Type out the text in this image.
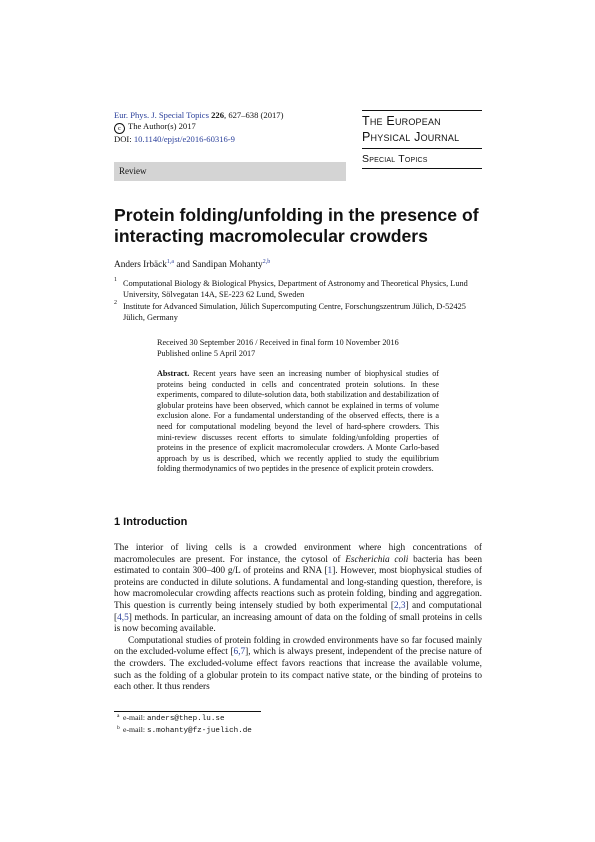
Eur. Phys. J. Special Topics 226, 627–638 (2017)
c The Author(s) 2017
DOI: 10.1140/epjst/e2016-60316-9
The European
Physical Journal
Special Topics
Review
Protein folding/unfolding in the presence of interacting macromolecular crowders
Anders Irbäck$^{1,a}$ and Sandipan Mohanty$^{2,b}$
1 Computational Biology & Biological Physics, Department of Astronomy and Theoretical Physics, Lund University, Sölvegatan 14A, SE-223 62 Lund, Sweden
2 Institute for Advanced Simulation, Jülich Supercomputing Centre, Forschungszentrum Jülich, D-52425 Jülich, Germany
Received 30 September 2016 / Received in final form 10 November 2016
Published online 5 April 2017
Abstract. Recent years have seen an increasing number of biophysical studies of proteins being conducted in cells and concentrated protein solutions. In these experiments, compared to dilute-solution data, both stabilization and destabilization of globular proteins have been observed, which cannot be explained in terms of volume exclusion alone. For a fundamental understanding of the observed effects, there is a need for computational modeling beyond the level of hard-sphere crowders. This mini-review discusses recent efforts to simulate folding/unfolding properties of proteins in the presence of explicit macromolecular crowders. A Monte Carlo-based approach by us is described, which we recently applied to study the equilibrium folding thermodynamics of two peptides in the presence of explicit protein crowders.
1 Introduction

The interior of living cells is a crowded environment where high concentrations of macromolecules are present. For instance, the cytosol of Escherichia coli bacteria has been estimated to contain 300–400 g/L of proteins and RNA [1]. However, most biophysical studies of proteins are conducted in dilute solutions. A fundamental and long-standing question, therefore, is how macromolecular crowding affects reactions such as protein folding, binding and aggregation. This question is currently being intensely studied by both experimental [2,3] and computational [4,5] methods. In particular, an increasing amount of data on the folding of small proteins in cells is now becoming available.

Computational studies of protein folding in crowded environments have so far focused mainly on the excluded-volume effect [6,7], which is always present, independent of the precise nature of the crowders. The excluded-volume effect favors reactions that increase the available volume, such as the folding of a globular protein to its compact native state, or the binding of proteins to each other. It thus renders

a e-mail: anders@thep.lu.se
b e-mail: s.mohanty@fz-juelich.de
